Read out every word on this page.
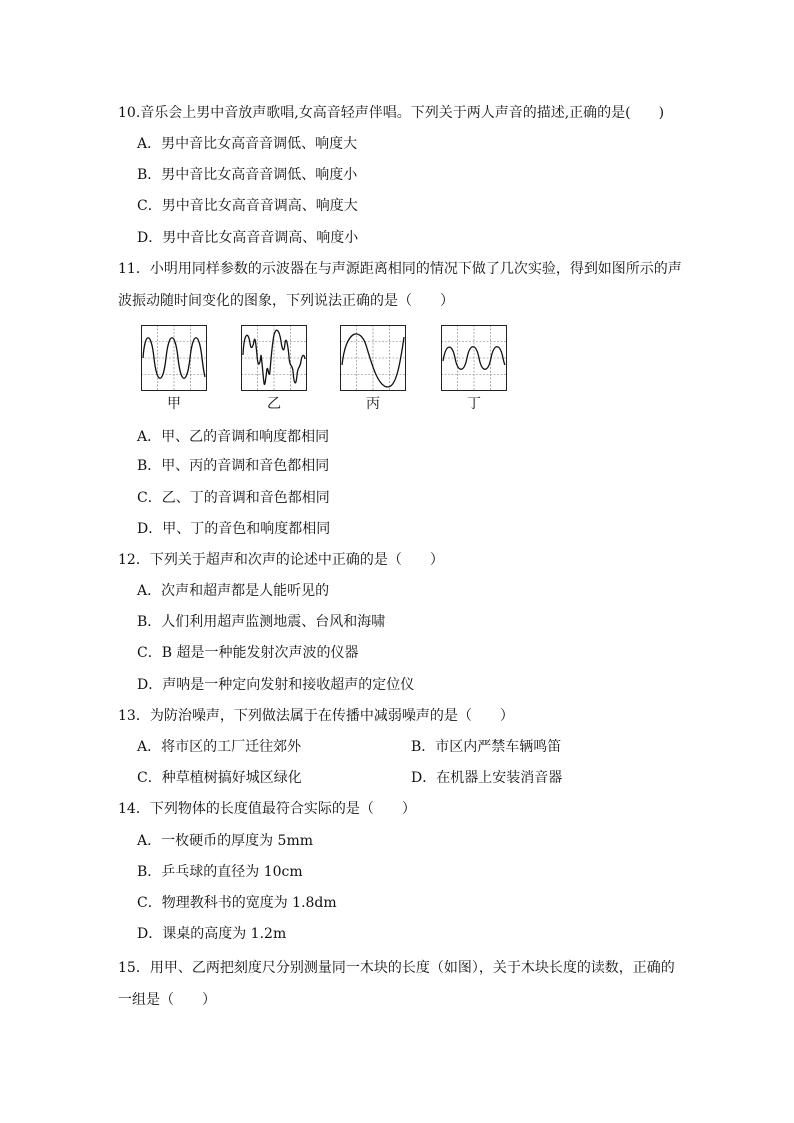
10.音乐会上男中音放声歌唱,女高音轻声伴唱。下列关于两人声音的描述,正确的是(　　)
A．男中音比女高音音调低、响度大
B．男中音比女高音音调低、响度小
C．男中音比女高音音调高、响度大
D．男中音比女高音音调高、响度小
11．小明用同样参数的示波器在与声源距离相同的情况下做了几次实验，得到如图所示的声波振动随时间变化的图象，下列说法正确的是（　　）
甲	乙	丙	丁
A．甲、乙的音调和响度都相同
B．甲、丙的音调和音色都相同
C．乙、丁的音调和音色都相同
D．甲、丁的音色和响度都相同
12．下列关于超声和次声的论述中正确的是（　　）
A．次声和超声都是人能听见的
B．人们利用超声监测地震、台风和海啸
C．B 超是一种能发射次声波的仪器
D．声呐是一种定向发射和接收超声的定位仪
13．为防治噪声，下列做法属于在传播中减弱噪声的是（　　）
A．将市区的工厂迁往郊外	B．市区内严禁车辆鸣笛
C．种草植树搞好城区绿化	D．在机器上安装消音器
14．下列物体的长度值最符合实际的是（　　）
A．一枚硬币的厚度为 5mm
B．乒乓球的直径为 10cm
C．物理教科书的宽度为 1.8dm
D．课桌的高度为 1.2m
15．用甲、乙两把刻度尺分别测量同一木块的长度（如图），关于木块长度的读数，正确的一组是（　　）
